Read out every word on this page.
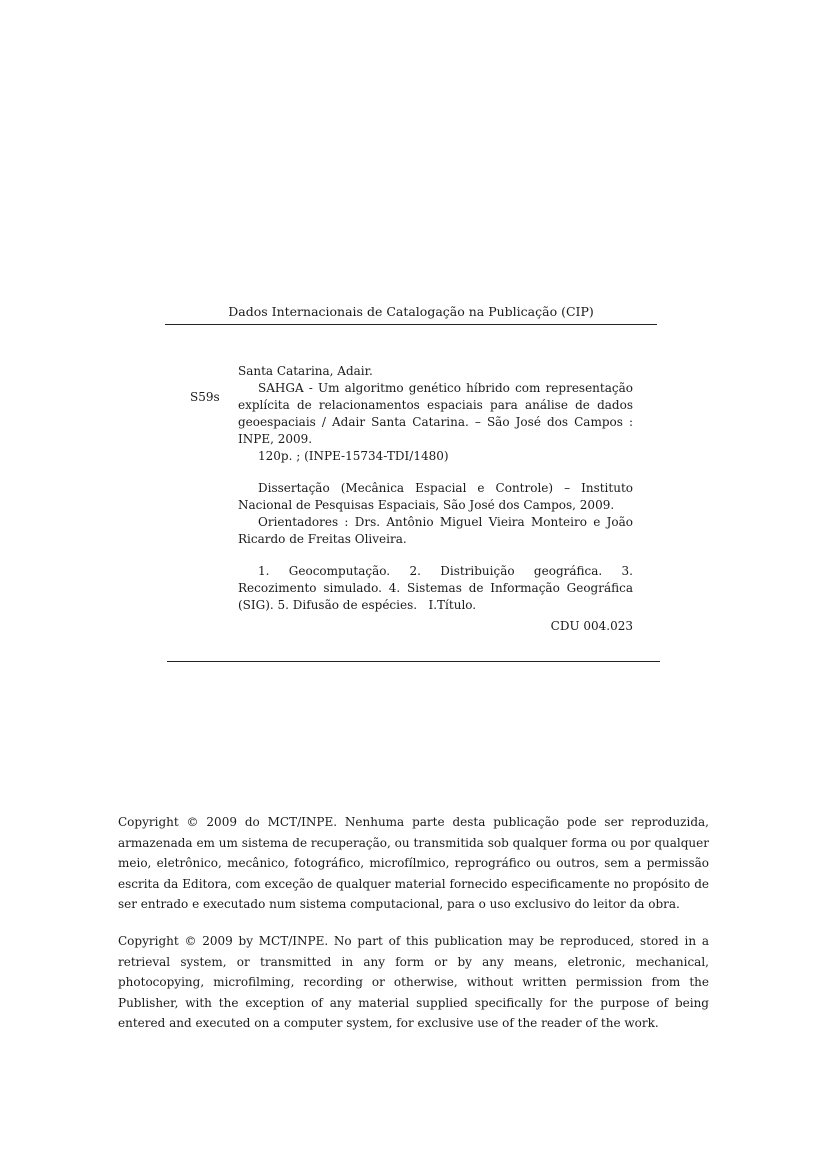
Dados Internacionais de Catalogação na Publicação (CIP)
S59s

Santa Catarina, Adair.

SAHGA - Um algoritmo genético híbrido com representação explícita de relacionamentos espaciais para análise de dados geoespaciais / Adair Santa Catarina. – São José dos Campos : INPE, 2009.

120p. ; (INPE-15734-TDI/1480)

Dissertação (Mecânica Espacial e Controle) – Instituto Nacional de Pesquisas Espaciais, São José dos Campos, 2009.

Orientadores : Drs. Antônio Miguel Vieira Monteiro e João Ricardo de Freitas Oliveira.

1. Geocomputação. 2. Distribuição geográfica. 3. Recozimento simulado. 4. Sistemas de Informação Geográfica (SIG). 5. Difusão de espécies.   I.Título.

CDU 004.023

Copyright © 2009 do MCT/INPE. Nenhuma parte desta publicação pode ser reproduzida, armazenada em um sistema de recuperação, ou transmitida sob qualquer forma ou por qualquer meio, eletrônico, mecânico, fotográfico, microfílmico, reprográfico ou outros, sem a permissão escrita da Editora, com exceção de qualquer material fornecido especificamente no propósito de ser entrado e executado num sistema computacional, para o uso exclusivo do leitor da obra.

Copyright © 2009 by MCT/INPE. No part of this publication may be reproduced, stored in a retrieval system, or transmitted in any form or by any means, eletronic, mechanical, photocopying, microfilming, recording or otherwise, without written permission from the Publisher, with the exception of any material supplied specifically for the purpose of being entered and executed on a computer system, for exclusive use of the reader of the work.
